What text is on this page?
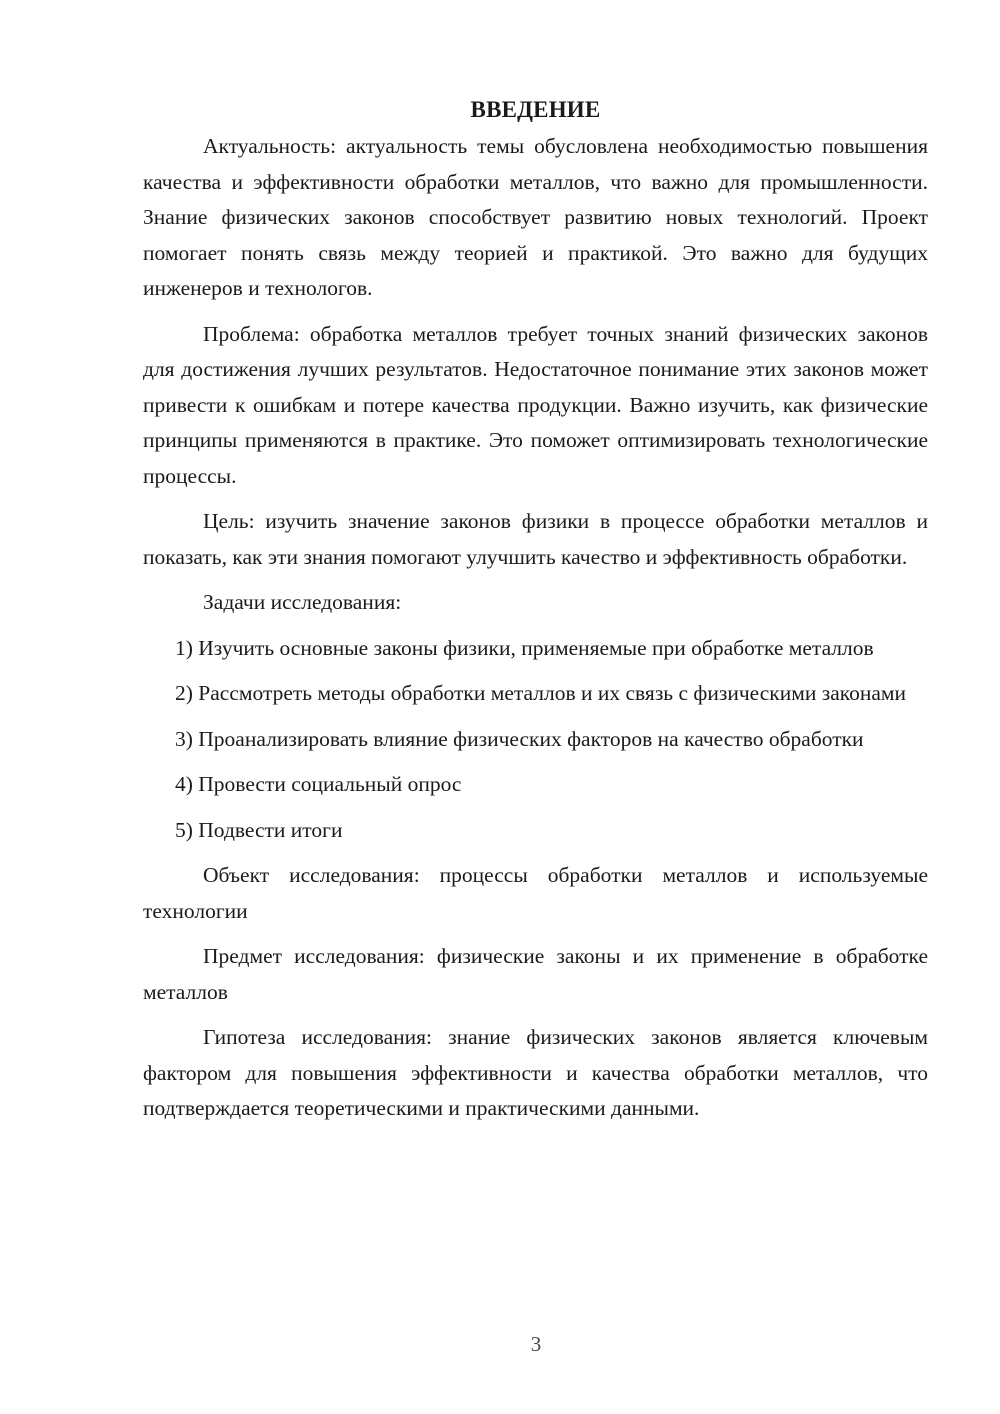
ВВЕДЕНИЕ

Актуальность: актуальность темы обусловлена необходимостью повышения качества и эффективности обработки металлов, что важно для промышленности. Знание физических законов способствует развитию новых технологий. Проект помогает понять связь между теорией и практикой. Это важно для будущих инженеров и технологов.

Проблема: обработка металлов требует точных знаний физических законов для достижения лучших результатов. Недостаточное понимание этих законов может привести к ошибкам и потере качества продукции. Важно изучить, как физические принципы применяются в практике. Это поможет оптимизировать технологические процессы.

Цель: изучить значение законов физики в процессе обработки металлов и показать, как эти знания помогают улучшить качество и эффективность обработки.

Задачи исследования:

1) Изучить основные законы физики, применяемые при обработке металлов

2) Рассмотреть методы обработки металлов и их связь с физическими законами

3) Проанализировать влияние физических факторов на качество обработки

4) Провести социальный опрос

5) Подвести итоги

Объект исследования: процессы обработки металлов и используемые технологии

Предмет исследования: физические законы и их применение в обработке металлов

Гипотеза исследования: знание физических законов является ключевым фактором для повышения эффективности и качества обработки металлов, что подтверждается теоретическими и практическими данными.

3
